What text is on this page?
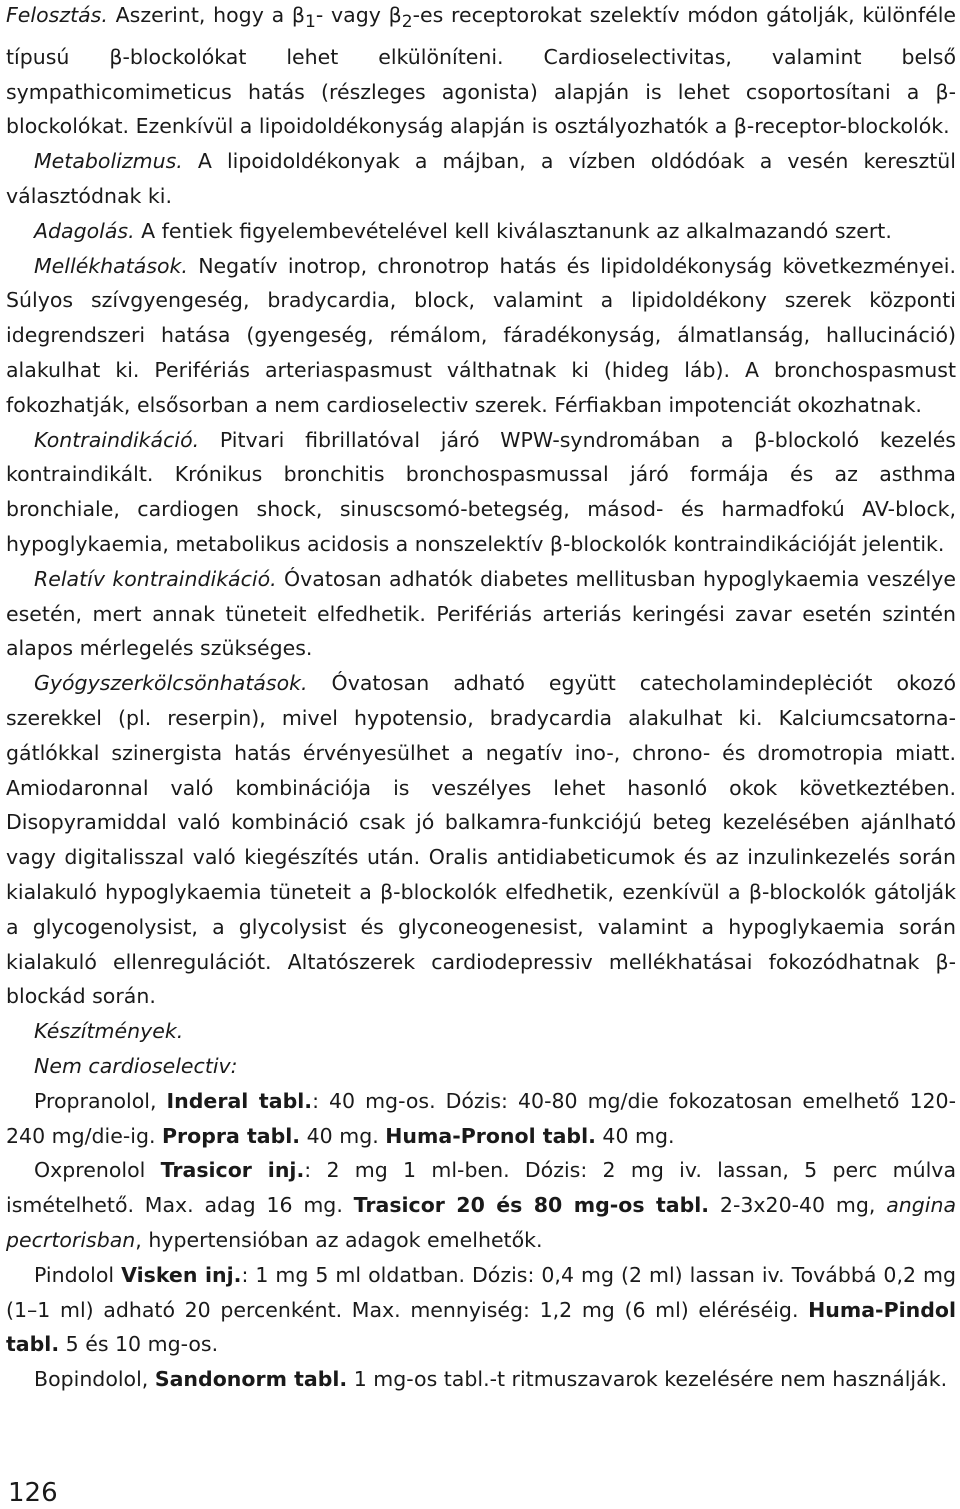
Felosztás. Aszerint, hogy a $\beta_1-$ vagy $\beta_2-es$ receptorokat szelektív módon gátolják, különféle típusú β-blockolókat lehet elkülöníteni. Cardioselectivitas, valamint belső sympathicomimeticus hatás (részleges agonista) alapján is lehet csoportosítani a β-blockolókat. Ezenkívül a lipoidoldékonyság alapján is osztályozhatók a β-receptor-blockolók.

Metabolizmus. A lipoidoldékonyak a májban, a vízben oldódóak a vesén keresztül választódnak ki.

Adagolás. A fentiek figyelembevételével kell kiválasztanunk az alkalmazandó szert.

Mellékhatások. Negatív inotrop, chronotrop hatás és lipidoldékonyság következményei. Súlyos szívgyengeség, bradycardia, block, valamint a lipidoldékony szerek központi idegrendszeri hatása (gyengeség, rémálom, fáradékonyság, álmatlanság, hallucináció) alakulhat ki. Perifériás arteriaspasmust válthatnak ki (hideg láb). A bronchospasmust fokozhatják, elsősorban a nem cardioselectiv szerek. Férfiakban impotenciát okozhatnak.

Kontraindikáció. Pitvari fibrillatóval járó WPW-syndromában a β-blockoló kezelés kontraindikált. Krónikus bronchitis bronchospasmussal járó formája és az asthma bronchiale, cardiogen shock, sinuscsomó-betegség, másod- és harmadfokú AV-block, hypoglykaemia, metabolikus acidosis a nonszelektív β-blockolók kontraindikációját jelentik.

Relatív kontraindikáció. Óvatosan adhatók diabetes mellitusban hypoglykaemia veszélye esetén, mert annak tüneteit elfedhetik. Perifériás arteriás keringési zavar esetén szintén alapos mérlegelés szükséges.

Gyógyszerkölcsönhatások. Óvatosan adható együtt catecholamindeplėciót okozó szerekkel (pl. reserpin), mivel hypotensio, bradycardia alakulhat ki. Kalciumcsatorna-gátlókkal szinergista hatás érvényesülhet a negatív ino-, chrono- és dromotropia miatt. Amiodaronnal való kombinációja is veszélyes lehet hasonló okok következtében. Disopyramiddal való kombináció csak jó balkamra-funkciójú beteg kezelésében ajánlható vagy digitalisszal való kiegészítés után. Oralis antidiabeticumok és az inzulinkezelés során kialakuló hypoglykaemia tüneteit a β-blockolók elfedhetik, ezenkívül a β-blockolók gátolják a glycogenolysist, a glycolysist és glyconeogenesist, valamint a hypoglykaemia során kialakuló ellenregulációt. Altatószerek cardiodepressiv mellékhatásai fokozódhatnak β-blockád során.

Készítmények.

Nem cardioselectiv:

Propranolol, Inderal tabl.: 40 mg-os. Dózis: 40-80 mg/die fokozatosan emelhető 120-240 mg/die-ig. Propra tabl. 40 mg. Huma-Pronol tabl. 40 mg.

Oxprenolol Trasicor inj.: 2 mg 1 ml-ben. Dózis: 2 mg iv. lassan, 5 perc múlva ismételhető. Max. adag 16 mg. Trasicor 20 és 80 mg-os tabl. 2-3x20-40 mg, angina pecrtorisban, hypertensióban az adagok emelhetők.

Pindolol Visken inj.: 1 mg 5 ml oldatban. Dózis: 0,4 mg (2 ml) lassan iv. Továbbá 0,2 mg (1–1 ml) adható 20 percenként. Max. mennyiség: 1,2 mg (6 ml) eléréséig. Huma-Pindol tabl. 5 és 10 mg-os.

Bopindolol, Sandonorm tabl. 1 mg-os tabl.-t ritmuszavarok kezelésére nem használják.

126
